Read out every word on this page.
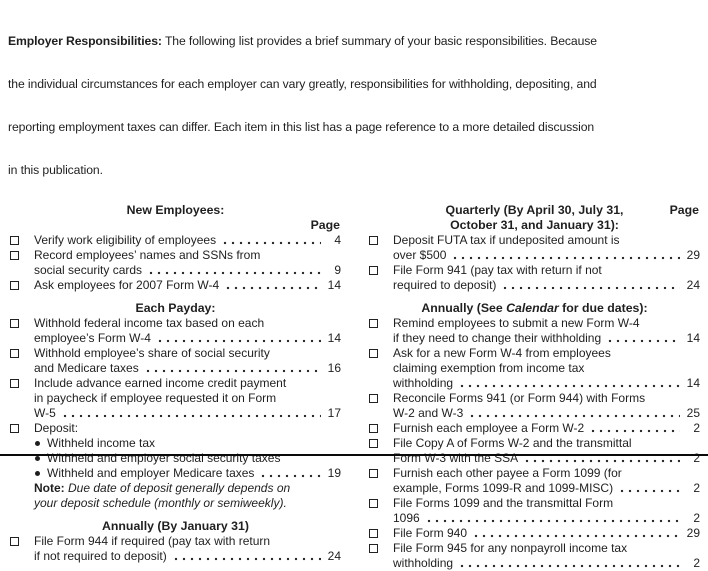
Employer Responsibilities: The following list provides a brief summary of your basic responsibilities. Because

the individual circumstances for each employer can vary greatly, responsibilities for withholding, depositing, and

reporting employment taxes can differ. Each item in this list has a page reference to a more detailed discussion

in this publication.

New Employees:
Page
Verify work eligibility of employees	4
Record employees’ names and SSNs from
social security cards	9
Ask employees for 2007 Form W-4	14
Each Payday:
Withhold federal income tax based on each
employee’s Form W-4	14
Withhold employee’s share of social security
and Medicare taxes	16
Include advance earned income credit payment
in paycheck if employee requested it on Form
W-5	17
Deposit:
Withheld income tax
Withheld and employer social security taxes
Withheld and employer Medicare taxes	19
Note: Due date of deposit generally depends on
your deposit schedule (monthly or semiweekly).
Annually (By January 31)
File Form 944 if required (pay tax with return
if not required to deposit)	24
Quarterly (By April 30, July 31,	Page
October 31, and January 31):
Deposit FUTA tax if undeposited amount is
over $500	29
File Form 941 (pay tax with return if not
required to deposit)	24
Annually (See Calendar for due dates):
Remind employees to submit a new Form W-4
if they need to change their withholding	14
Ask for a new Form W-4 from employees
claiming exemption from income tax
withholding	14
Reconcile Forms 941 (or Form 944) with Forms
W-2 and W-3	25
Furnish each employee a Form W-2	2
File Copy A of Forms W-2 and the transmittal
Form W-3 with the SSA	2
Furnish each other payee a Form 1099 (for
example, Forms 1099-R and 1099-MISC)	2
File Forms 1099 and the transmittal Form
1096	2
File Form 940	29
File Form 945 for any nonpayroll income tax
withholding	2
